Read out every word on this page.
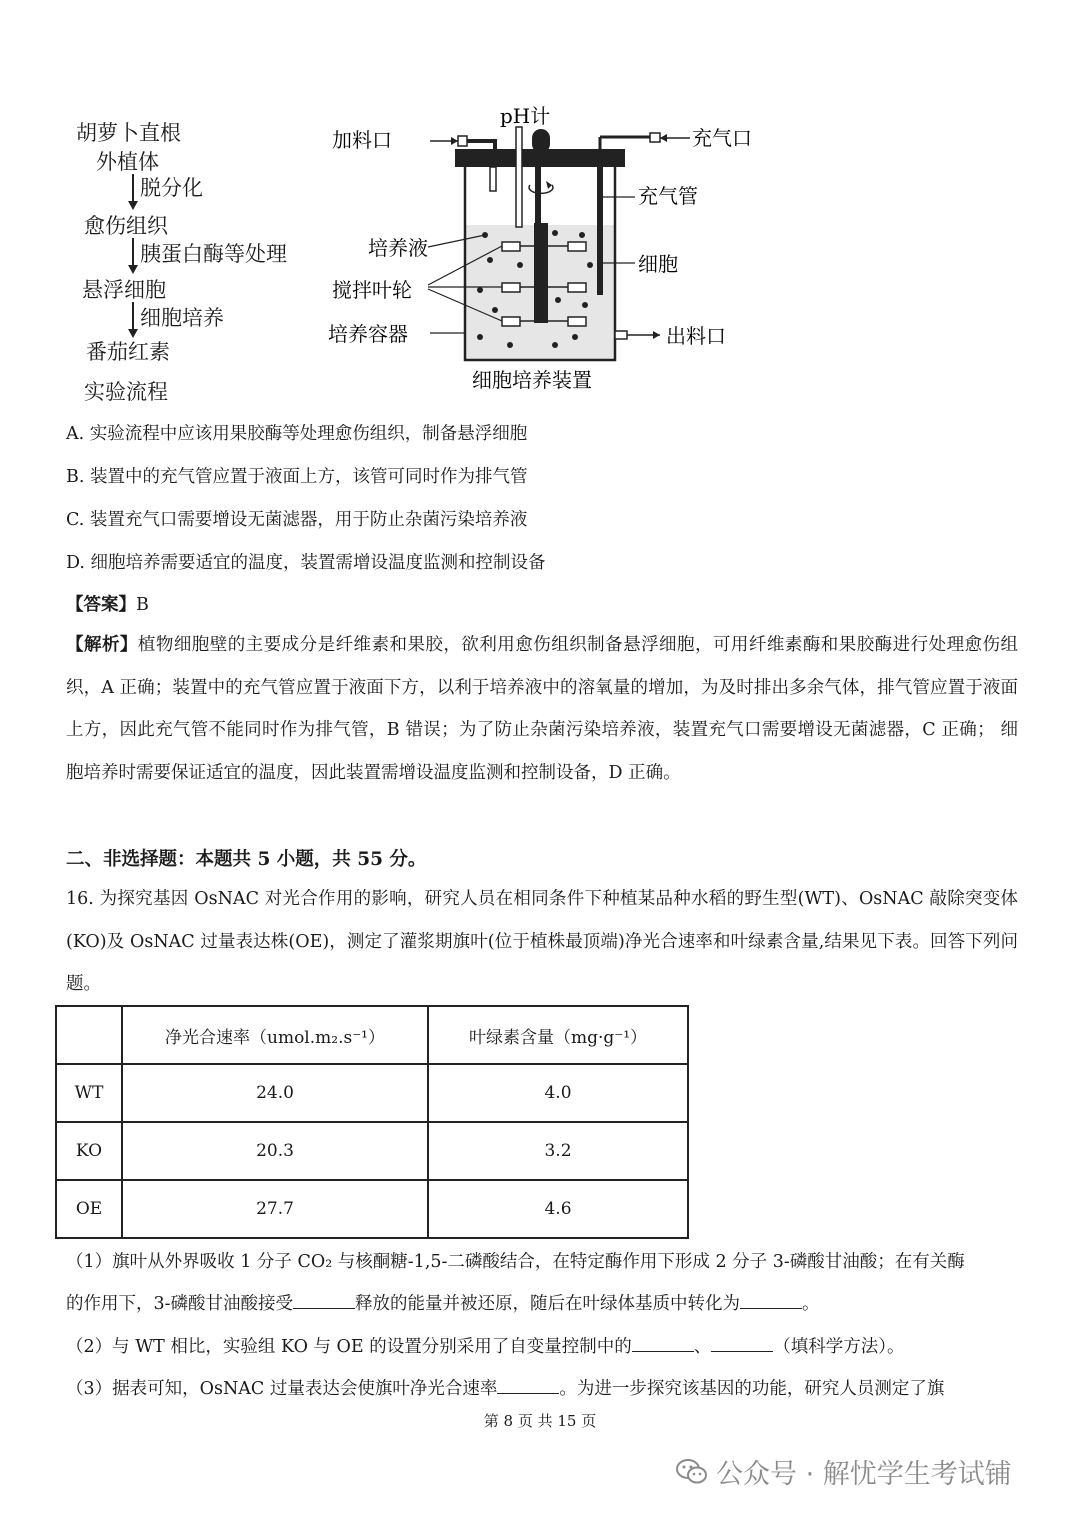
胡萝卜直根
外植体
脱分化
愈伤组织
胰蛋白酶等处理
悬浮细胞
细胞培养
番茄红素
实验流程
pH计
加料口	充气口
充气管
培养液
细胞
搅拌叶轮
培养容器	出料口
细胞培养装置
A. 实验流程中应该用果胶酶等处理愈伤组织，制备悬浮细胞
B. 装置中的充气管应置于液面上方，该管可同时作为排气管
C. 装置充气口需要增设无菌滤器，用于防止杂菌污染培养液
D. 细胞培养需要适宜的温度，装置需增设温度监测和控制设备
【答案】B
【解析】植物细胞壁的主要成分是纤维素和果胶，欲利用愈伤组织制备悬浮细胞，可用纤维素酶和果胶酶进行处理愈伤组织，A 正确；装置中的充气管应置于液面下方，以利于培养液中的溶氧量的增加，为及时排出多余气体，排气管应置于液面上方，因此充气管不能同时作为排气管，B 错误；为了防止杂菌污染培养液，装置充气口需要增设无菌滤器，C 正确； 细胞培养时需要保证适宜的温度，因此装置需增设温度监测和控制设备，D 正确。
二、非选择题：本题共 5 小题，共 55 分。
16. 为探究基因 OsNAC 对光合作用的影响，研究人员在相同条件下种植某品种水稻的野生型(WT)、OsNAC 敲除突变体(KO)及 OsNAC 过量表达株(OE)，测定了灌浆期旗叶(位于植株最顶端)净光合速率和叶绿素含量,结果见下表。回答下列问题。
	净光合速率（umol.m₂.s⁻¹）	叶绿素含量（mg·g⁻¹）
WT	24.0	4.0
KO	20.3	3.2
OE	27.7	4.6
（1）旗叶从外界吸收 1 分子 CO₂ 与核酮糖-1,5-二磷酸结合，在特定酶作用下形成 2 分子 3-磷酸甘油酸；在有关酶
的作用下，3-磷酸甘油酸接受	释放的能量并被还原，随后在叶绿体基质中转化为	。
（2）与 WT 相比，实验组 KO 与 OE 的设置分别采用了自变量控制中的	、	（填科学方法）。
（3）据表可知，OsNAC 过量表达会使旗叶净光合速率	。为进一步探究该基因的功能，研究人员测定了旗
第 8 页 共 15 页
公众号 · 解忧学生考试铺
